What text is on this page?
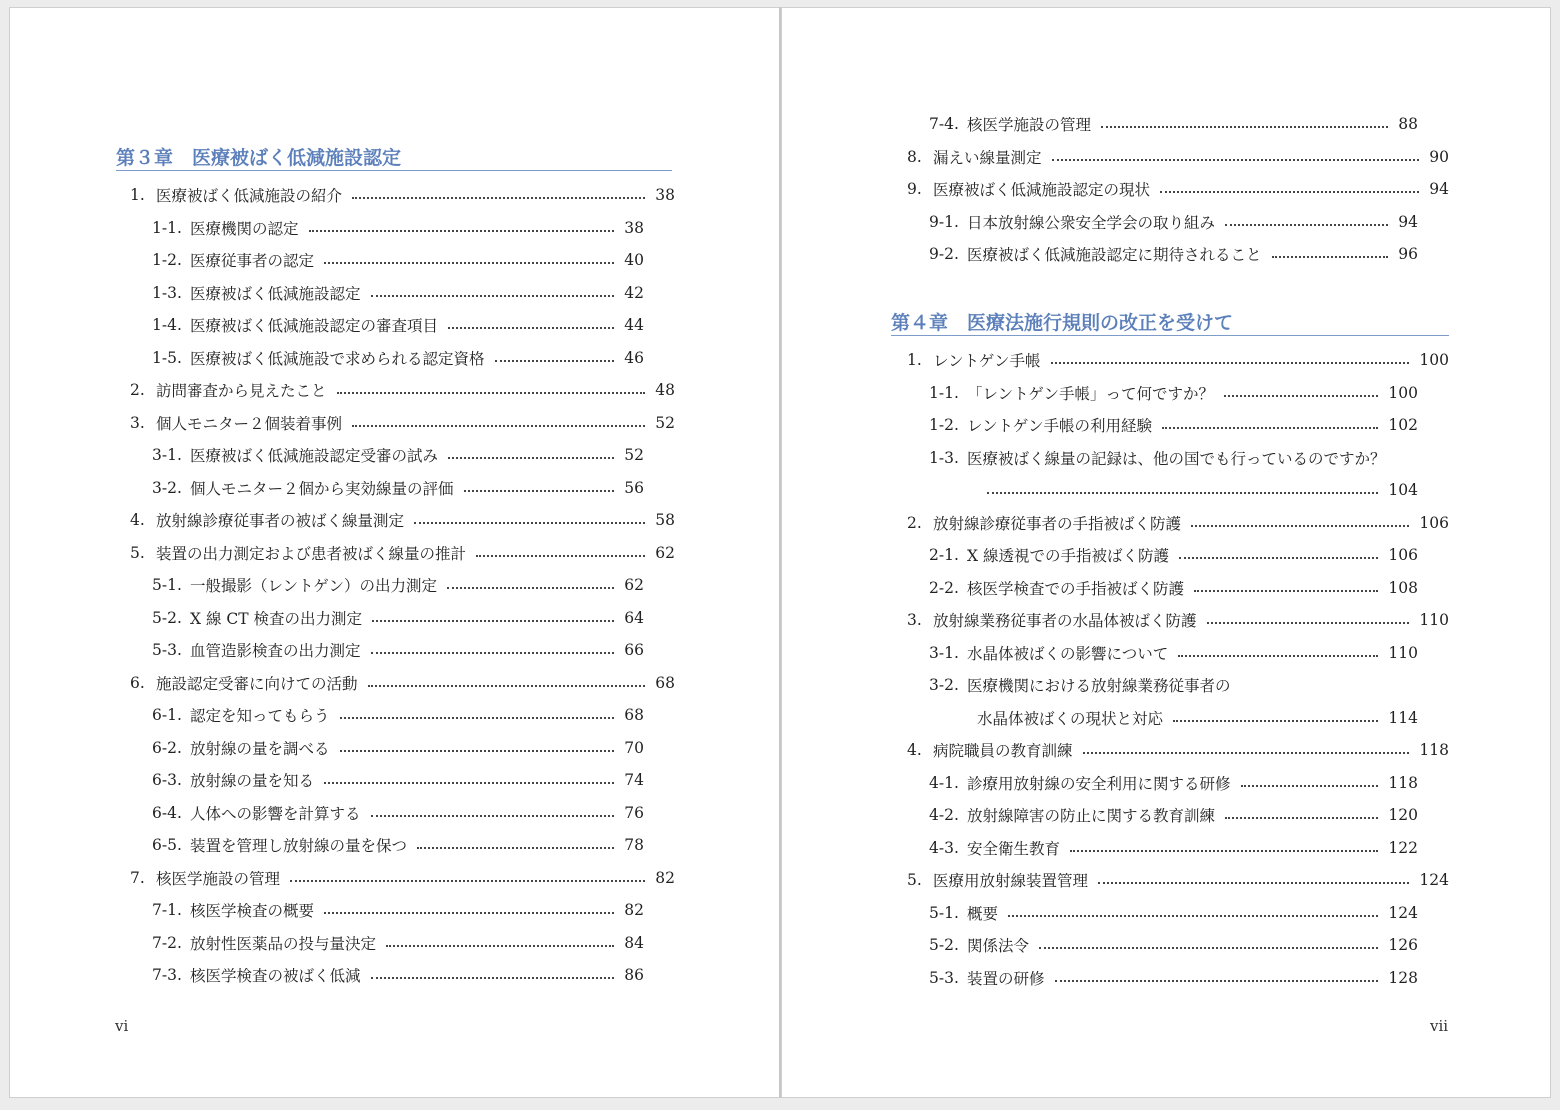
第３章　医療被ばく低減施設認定
1. 医療被ばく低減施設の紹介	38
1-1. 医療機関の認定	38
1-2. 医療従事者の認定	40
1-3. 医療被ばく低減施設認定	42
1-4. 医療被ばく低減施設認定の審査項目	44
1-5. 医療被ばく低減施設で求められる認定資格	46
2. 訪問審査から見えたこと	48
3. 個人モニター２個装着事例	52
3-1. 医療被ばく低減施設認定受審の試み	52
3-2. 個人モニター２個から実効線量の評価	56
4. 放射線診療従事者の被ばく線量測定	58
5. 装置の出力測定および患者被ばく線量の推計	62
5-1. 一般撮影（レントゲン）の出力測定	62
5-2. X 線 CT 検査の出力測定	64
5-3. 血管造影検査の出力測定	66
6. 施設認定受審に向けての活動	68
6-1. 認定を知ってもらう	68
6-2. 放射線の量を調べる	70
6-3. 放射線の量を知る	74
6-4. 人体への影響を計算する	76
6-5. 装置を管理し放射線の量を保つ	78
7. 核医学施設の管理	82
7-1. 核医学検査の概要	82
7-2. 放射性医薬品の投与量決定	84
7-3. 核医学検査の被ばく低減	86
vi
7-4. 核医学施設の管理	88
8. 漏えい線量測定	90
9. 医療被ばく低減施設認定の現状	94
9-1. 日本放射線公衆安全学会の取り組み	94
9-2. 医療被ばく低減施設認定に期待されること	96
第４章　医療法施行規則の改正を受けて
1. レントゲン手帳	100
1-1. 「レントゲン手帳」って何ですか？	100
1-2. レントゲン手帳の利用経験	102
1-3. 医療被ばく線量の記録は、他の国でも行っているのですか？
104
2. 放射線診療従事者の手指被ばく防護	106
2-1. X 線透視での手指被ばく防護	106
2-2. 核医学検査での手指被ばく防護	108
3. 放射線業務従事者の水晶体被ばく防護	110
3-1. 水晶体被ばくの影響について	110
3-2. 医療機関における放射線業務従事者の
水晶体被ばくの現状と対応	114
4. 病院職員の教育訓練	118
4-1. 診療用放射線の安全利用に関する研修	118
4-2. 放射線障害の防止に関する教育訓練	120
4-3. 安全衛生教育	122
5. 医療用放射線装置管理	124
5-1. 概要	124
5-2. 関係法令	126
5-3. 装置の研修	128
vii
